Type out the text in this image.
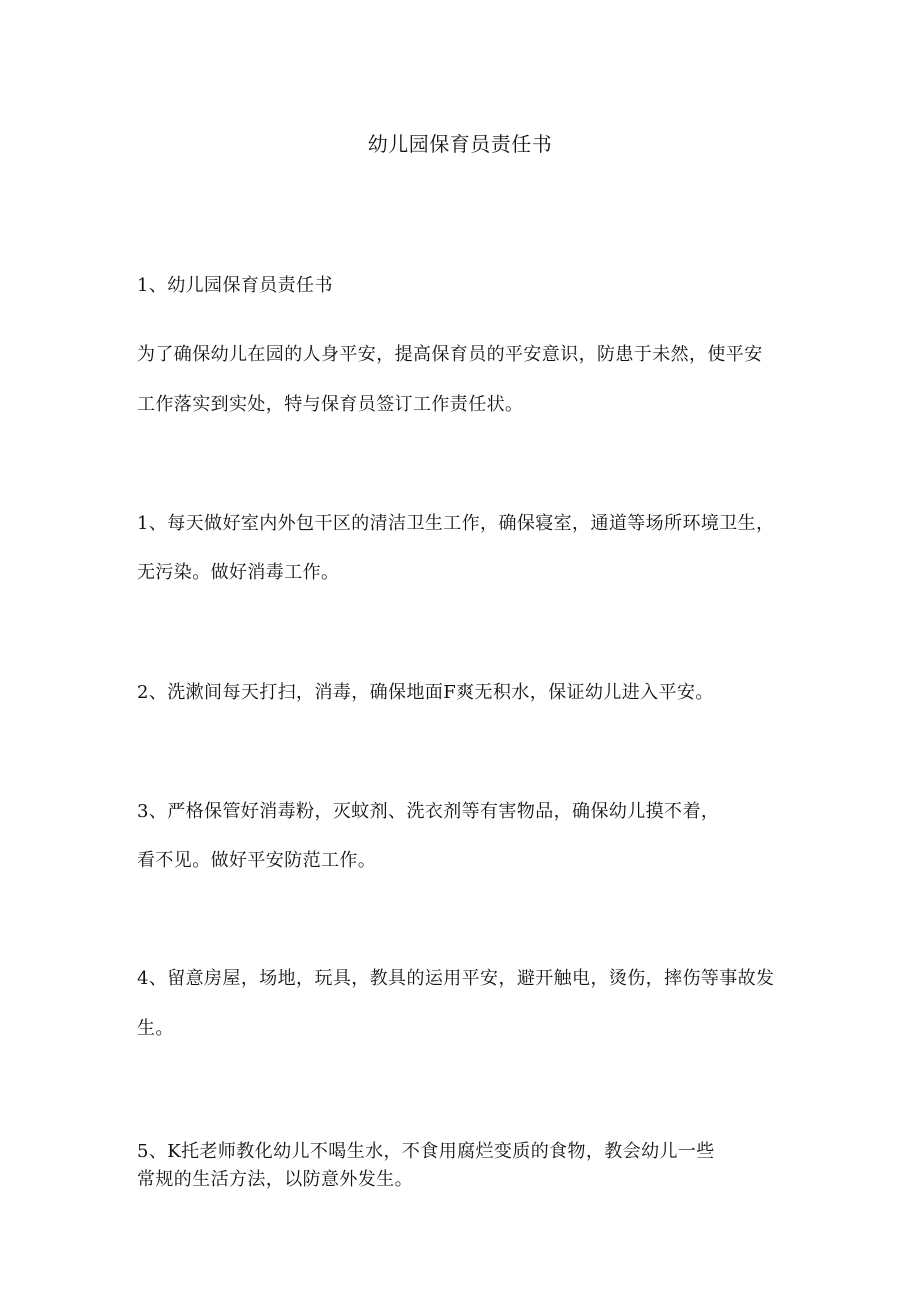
幼儿园保育员责任书
1、幼儿园保育员责任书
为了确保幼儿在园的人身平安，提高保育员的平安意识，防患于未然，使平安
工作落实到实处，特与保育员签订工作责任状。
1、每天做好室内外包干区的清洁卫生工作，确保寝室，通道等场所环境卫生，
无污染。做好消毒工作。
2、洗漱间每天打扫，消毒，确保地面F爽无积水，保证幼儿进入平安。
3、严格保管好消毒粉，灭蚊剂、洗衣剂等有害物品，确保幼儿摸不着，
看不见。做好平安防范工作。
4、留意房屋，场地，玩具，教具的运用平安，避开触电，烫伤，摔伤等事故发
生。
5、K托老师教化幼儿不喝生水，不食用腐烂变质的食物，教会幼儿一些
常规的生活方法，以防意外发生。
